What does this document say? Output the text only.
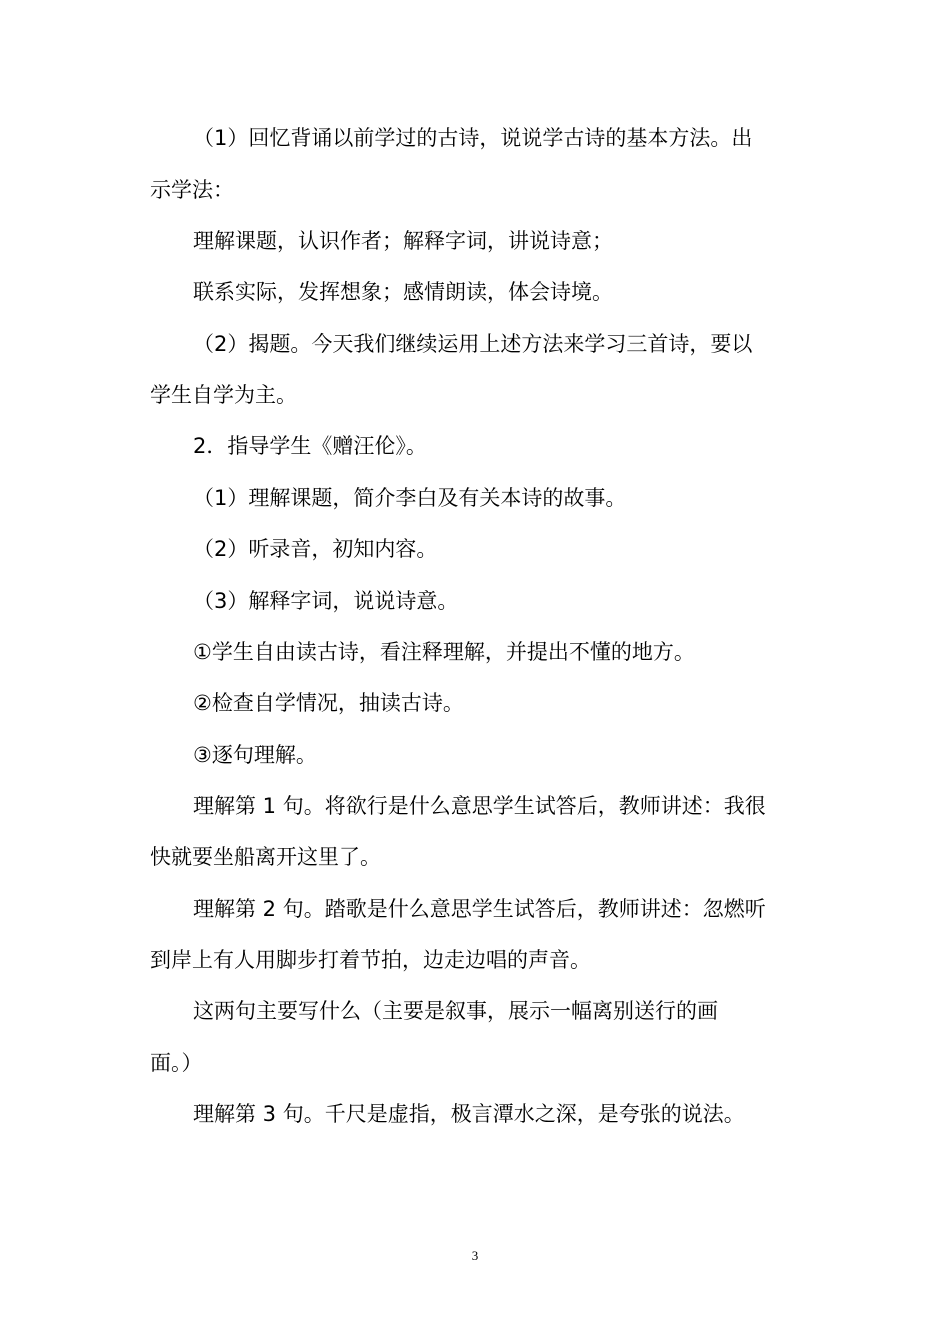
（1）回忆背诵以前学过的古诗，说说学古诗的基本方法。出
示学法：
理解课题，认识作者；解释字词，讲说诗意；
联系实际，发挥想象；感情朗读，体会诗境。
（2）揭题。今天我们继续运用上述方法来学习三首诗，要以
学生自学为主。
2．指导学生《赠汪伦》。
（1）理解课题，简介李白及有关本诗的故事。
（2）听录音，初知内容。
（3）解释字词，说说诗意。
①学生自由读古诗，看注释理解，并提出不懂的地方。
②检查自学情况，抽读古诗。
③逐句理解。
理解第 1 句。将欲行是什么意思学生试答后，教师讲述：我很
快就要坐船离开这里了。
理解第 2 句。踏歌是什么意思学生试答后，教师讲述：忽燃听
到岸上有人用脚步打着节拍，边走边唱的声音。
这两句主要写什么（主要是叙事，展示一幅离别送行的画
面。）
理解第 3 句。千尺是虚指，极言潭水之深，是夸张的说法。
3
